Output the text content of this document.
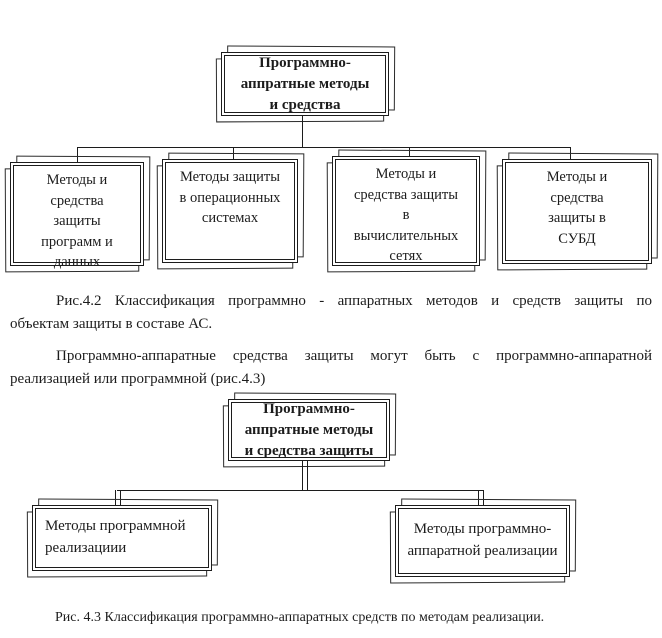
Программно-
аппратные методы
и средства
Методы и
средства
защиты
программ и
данных
Методы защиты
в операционных
системах
Методы и
средства защиты
в
вычислительных
сетях
Методы и
средства
защиты в
СУБД
Рис.4.2 Классификация программно - аппаратных методов и средств защиты по
объектам защиты в составе АС.
Программно-аппаратные средства защиты могут быть с программно-аппаратной
реализацией или программной (рис.4.3)
Программно-
аппратные методы
и средства защиты
Методы программной
реализациии
Методы программно-
аппаратной реализации
Рис. 4.3 Классификация программно-аппаратных средств по методам реализации.
